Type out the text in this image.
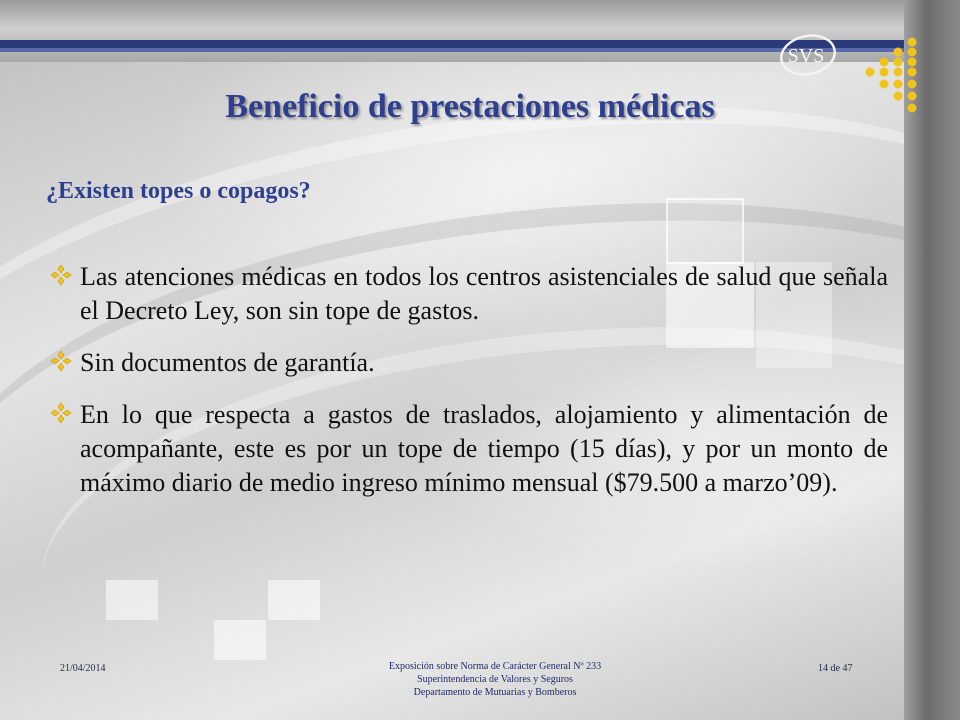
SVS
Beneficio de prestaciones médicas
¿Existen topes o copagos?
Las atenciones médicas en todos los centros asistenciales de salud que señala el Decreto Ley, son sin tope de gastos.
Sin documentos de garantía.
En lo que respecta a gastos de traslados, alojamiento y alimentación de acompañante, este es por un tope de tiempo (15 días), y por un monto de máximo diario de medio ingreso mínimo mensual ($79.500 a marzo’09).
21/04/2014	Exposición sobre Norma de Carácter General Nº 233
Superintendencia de Valores y Seguros
Departamento de Mutuarias y Bomberos
14 de 47
